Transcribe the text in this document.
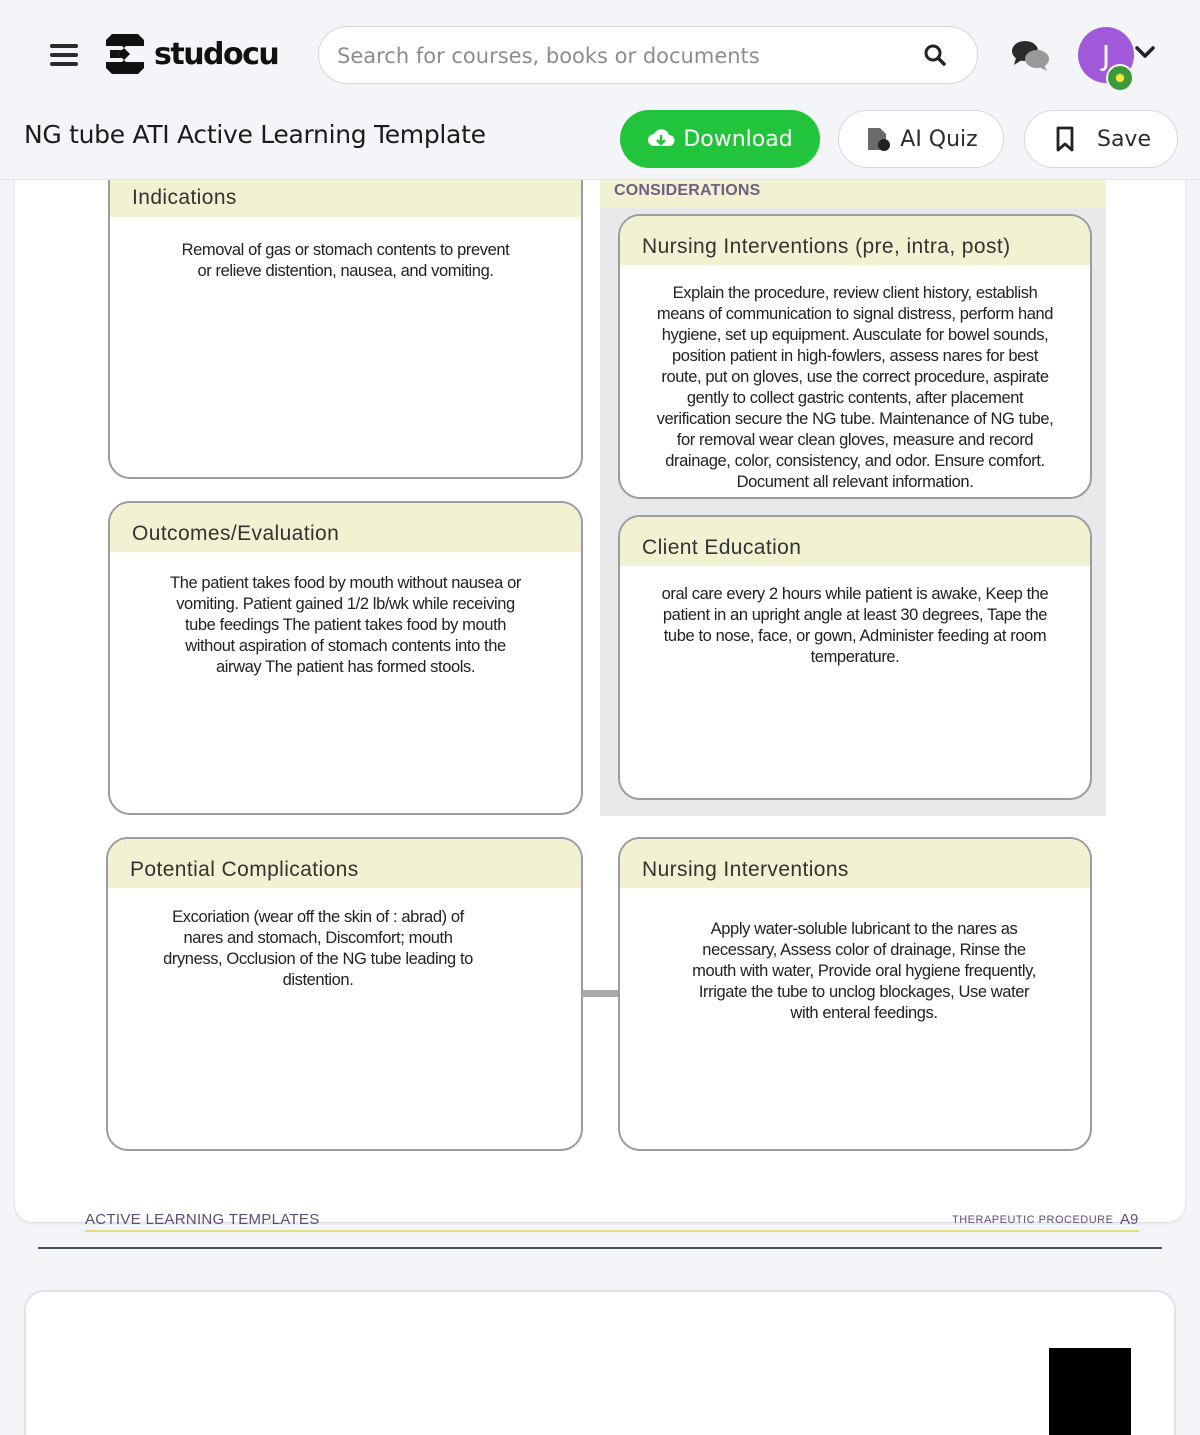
studocu
Search for courses, books or documents	J
NG tube ATI Active Learning Template	Download	AI Quiz	Save
CONSIDERATIONS
Indications
Removal of gas or stomach contents to prevent
or relieve distention, nausea, and vomiting.
Nursing Interventions (pre, intra, post)
Explain the procedure, review client history, establish
means of communication to signal distress, perform hand
hygiene, set up equipment. Ausculate for bowel sounds,
position patient in high-fowlers, assess nares for best
route, put on gloves, use the correct procedure, aspirate
gently to collect gastric contents, after placement
verification secure the NG tube. Maintenance of NG tube,
for removal wear clean gloves, measure and record
drainage, color, consistency, and odor. Ensure comfort.
Document all relevant information.
Outcomes/Evaluation
The patient takes food by mouth without nausea or
vomiting. Patient gained 1/2 lb/wk while receiving
tube feedings The patient takes food by mouth
without aspiration of stomach contents into the
airway The patient has formed stools.
Client Education
oral care every 2 hours while patient is awake, Keep the
patient in an upright angle at least 30 degrees, Tape the
tube to nose, face, or gown, Administer feeding at room
temperature.
Potential Complications
Excoriation (wear off the skin of : abrad) of
nares and stomach, Discomfort; mouth
dryness, Occlusion of the NG tube leading to
distention.
Nursing Interventions
Apply water-soluble lubricant to the nares as
necessary, Assess color of drainage, Rinse the
mouth with water, Provide oral hygiene frequently,
Irrigate the tube to unclog blockages, Use water
with enteral feedings.
ACTIVE LEARNING TEMPLATES	THERAPEUTIC PROCEDURE A9
